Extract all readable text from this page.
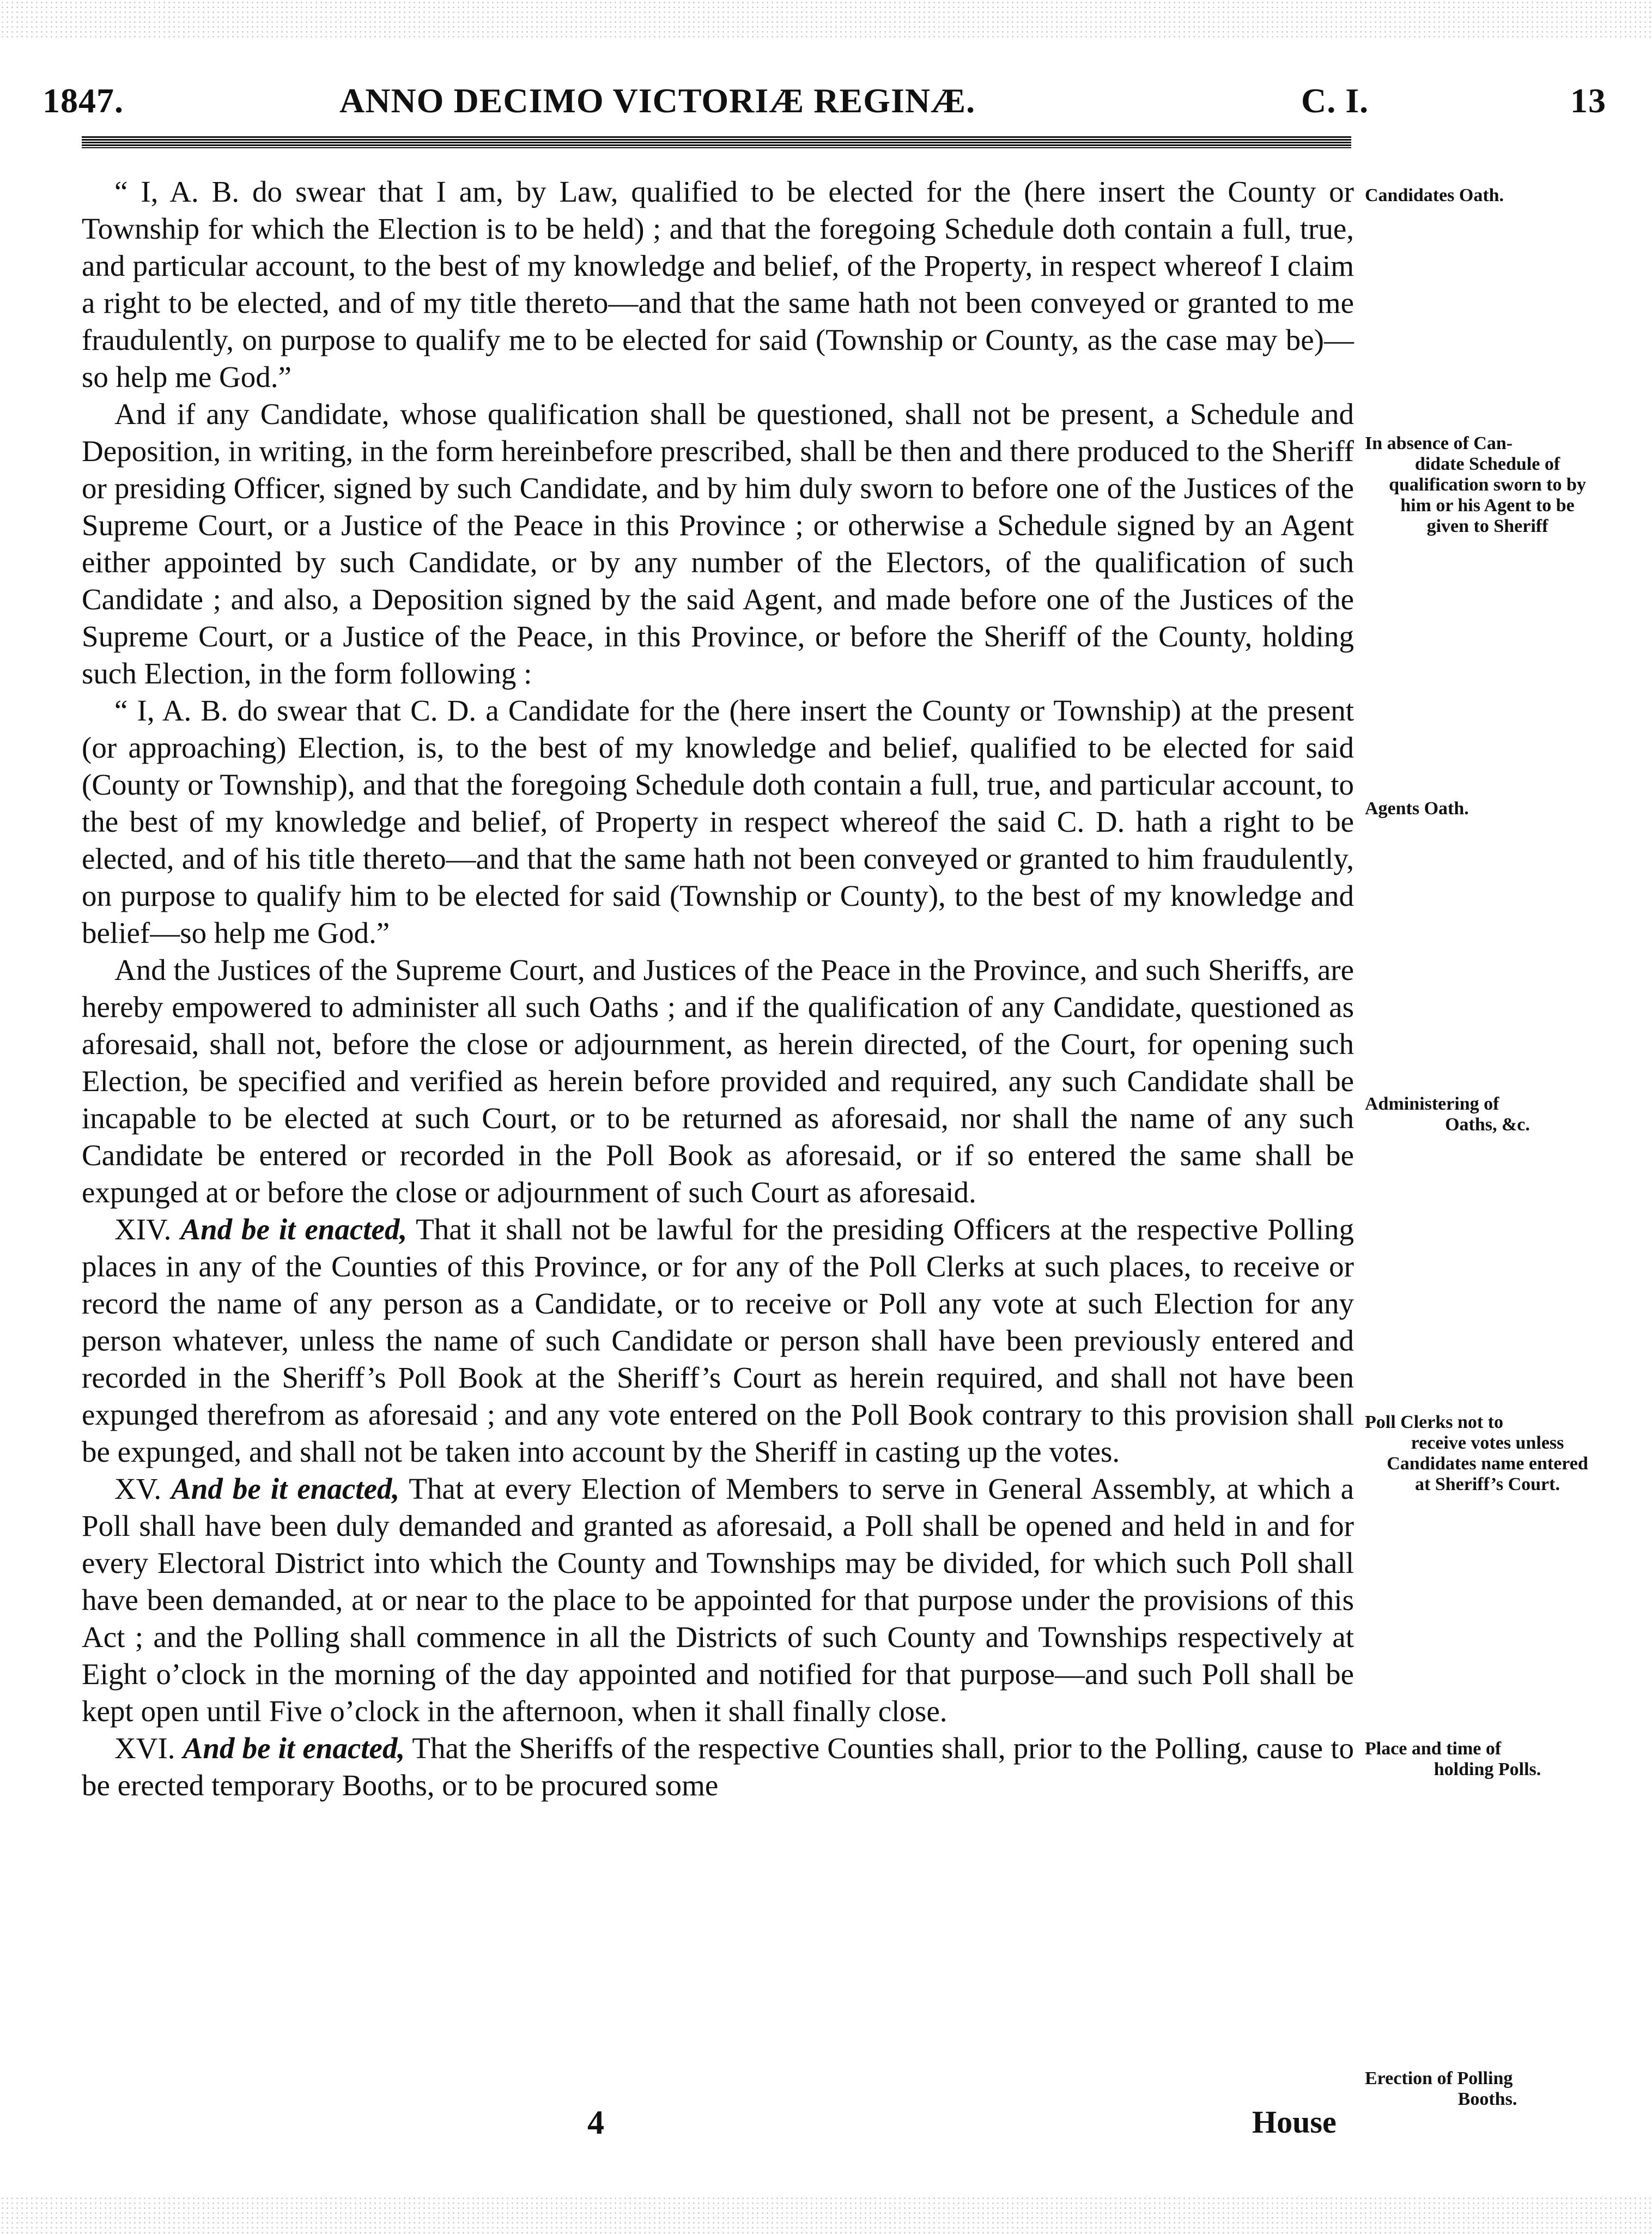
1847.	ANNO DECIMO VICTORIÆ REGINÆ.	C. I.	13

“ I, A. B. do swear that I am, by Law, qualified to be elected for the (here insert the County or Township for which the Election is to be held) ; and that the foregoing Schedule doth contain a full, true, and particular account, to the best of my knowledge and belief, of the Property, in respect whereof I claim a right to be elected, and of my title thereto—and that the same hath not been conveyed or granted to me fraudulently, on purpose to qualify me to be elected for said (Township or County, as the case may be)—so help me God.”

And if any Candidate, whose qualification shall be questioned, shall not be present, a Schedule and Deposition, in writing, in the form hereinbefore prescribed, shall be then and there produced to the Sheriff or presiding Officer, signed by such Candidate, and by him duly sworn to before one of the Justices of the Supreme Court, or a Justice of the Peace in this Province ; or otherwise a Schedule signed by an Agent either appointed by such Candidate, or by any number of the Electors, of the qualification of such Candidate ; and also, a Deposition signed by the said Agent, and made before one of the Justices of the Supreme Court, or a Justice of the Peace, in this Province, or before the Sheriff of the County, holding such Election, in the form following :

“ I, A. B. do swear that C. D. a Candidate for the (here insert the County or Township) at the present (or approaching) Election, is, to the best of my knowledge and belief, qualified to be elected for said (County or Township), and that the foregoing Schedule doth contain a full, true, and particular account, to the best of my knowledge and belief, of Property in respect whereof the said C. D. hath a right to be elected, and of his title thereto—and that the same hath not been conveyed or granted to him fraudulently, on purpose to qualify him to be elected for said (Township or County), to the best of my knowledge and belief—so help me God.”

And the Justices of the Supreme Court, and Justices of the Peace in the Province, and such Sheriffs, are hereby empowered to administer all such Oaths ; and if the qualification of any Candidate, questioned as aforesaid, shall not, before the close or adjournment, as herein directed, of the Court, for opening such Election, be specified and verified as herein before provided and required, any such Candidate shall be incapable to be elected at such Court, or to be returned as aforesaid, nor shall the name of any such Candidate be entered or recorded in the Poll Book as aforesaid, or if so entered the same shall be expunged at or before the close or adjournment of such Court as aforesaid.

XIV. And be it enacted, That it shall not be lawful for the presiding Officers at the respective Polling places in any of the Counties of this Province, or for any of the Poll Clerks at such places, to receive or record the name of any person as a Candidate, or to receive or Poll any vote at such Election for any person whatever, unless the name of such Candidate or person shall have been previously entered and recorded in the Sheriff’s Poll Book at the Sheriff’s Court as herein required, and shall not have been expunged therefrom as aforesaid ; and any vote entered on the Poll Book contrary to this provision shall be expunged, and shall not be taken into account by the Sheriff in casting up the votes.

XV. And be it enacted, That at every Election of Members to serve in General Assembly, at which a Poll shall have been duly demanded and granted as aforesaid, a Poll shall be opened and held in and for every Electoral District into which the County and Townships may be divided, for which such Poll shall have been demanded, at or near to the place to be appointed for that purpose under the provisions of this Act ; and the Polling shall commence in all the Districts of such County and Townships respectively at Eight o’clock in the morning of the day appointed and notified for that purpose—and such Poll shall be kept open until Five o’clock in the afternoon, when it shall finally close.

XVI. And be it enacted, That the Sheriffs of the respective Counties shall, prior to the Polling, cause to be erected temporary Booths, or to be procured some

Candidates Oath.
In absence of Can-
didate Schedule of qualification sworn to by him or his Agent to be given to Sheriff
Agents Oath.
Administering of
Oaths, &c.
Poll Clerks not to
receive votes unless Candidates name entered at Sheriff’s Court.
Place and time of
holding Polls.
Erection of Polling
Booths.
4	House
